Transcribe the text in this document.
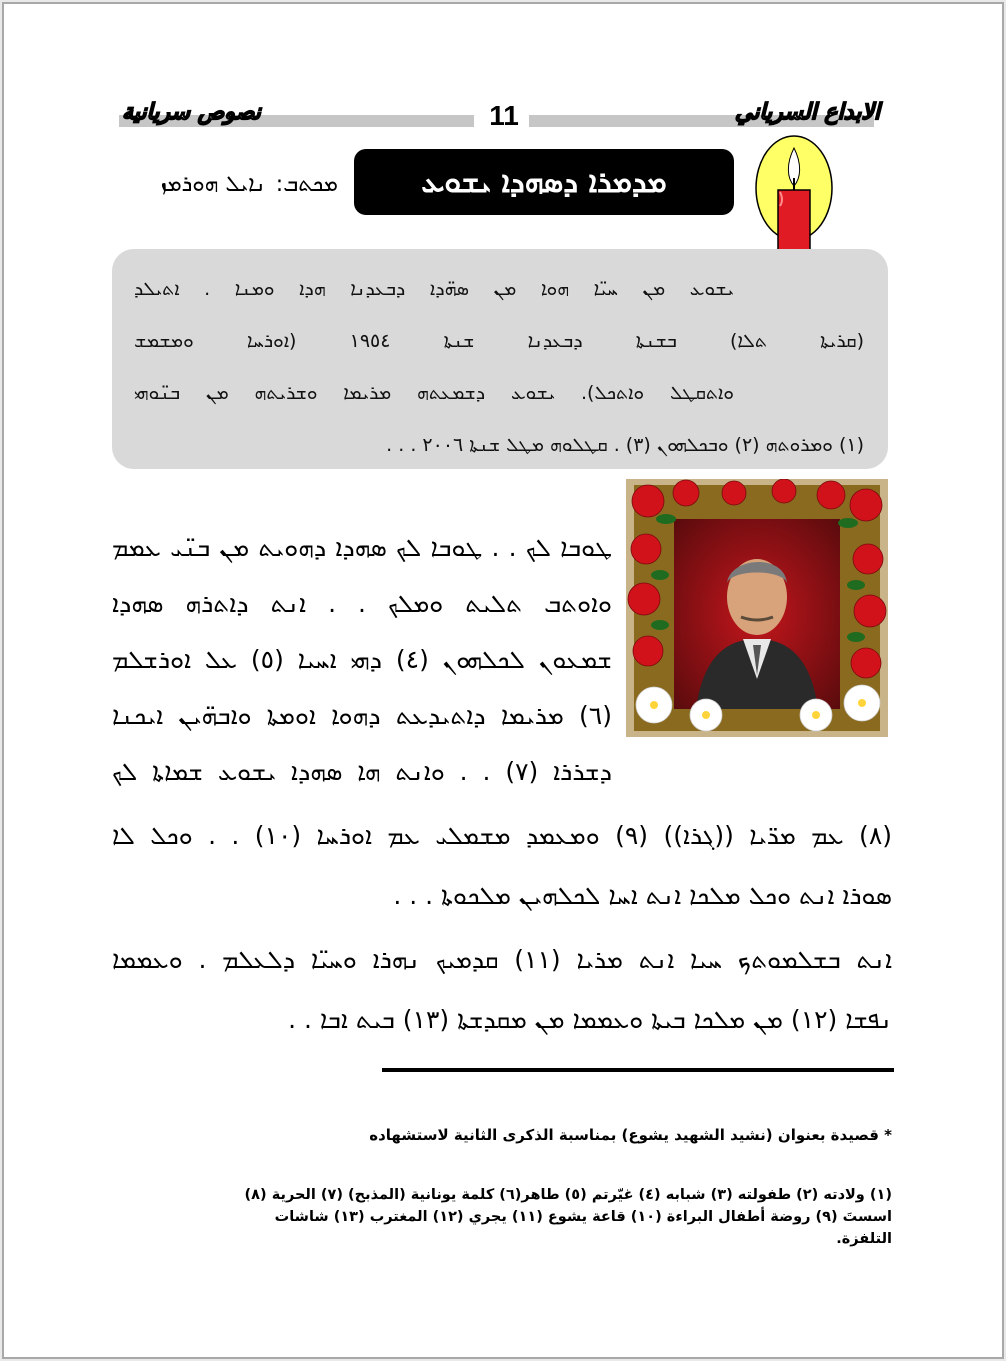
الابداع السرياني
نصوص سريانية	11
ܡܕܡܪܐ ܕܣܗܕܐ ܝܫܘܥ
ܡܟܬܒ:ܢܐܝܠ ܗܘܪܡܙ
ܝܫܘܥ ܡܢ ܚܝ̈ܐ ܗܘܐ ܡܢ ܣܗ̈ܕܐ ܕܒܥܕܢܐ ܗܕܐ ܘܡܢܐ . ܐܬܝܠܕ
(ܩܪܝܬܐ ܬܠܐ) ܒܫܢܬܐ ܕܒܥܕܢܐ ܫܢܬܐ ١٩٥٤ (ܐܘܪܚܐ ܘܡܫܡܫ
ܘܐܬܩܛܠ ܘܐܬܟܠ). ܝܫܘܥ ܕܫܡܥܬܗ ܡܪܝܡܐ ܘܫܪܝܬܗ ܡܢ ܒܢ̈ܘܗܝ
(١) ܘܡܪܘܬܗ (٢) ܘܒܟܠܗܘܢ (٣) . ܩܛܠܘܗ ܡܛܠ ܫܢܬܐ ٢٠٠٦ . . .
ܛܘܒܐ ܠܟ . . ܛܘܒܐ ܠܟ ܣܗܕܐ ܕܗܘܝܬ ܡܢ ܒܢ̈ܝ ܥܡܡ
ܘܐܘܬܒ ܬܠܝܬ ܘܡܠܟ . . ܐܢܬ ܕܐܬܪܗ ܣܗܕܐ
ܫܡܥܘܢ ܠܟܠܗܘܢ (٤) ܕܗܝ ܐܚܝܐ (٥) ܥܠ ܐܘܪܫܠܡ
(٦) ܡܪܝܡܐ ܕܐܬܝܕܥܬ ܕܗܘܐ ܐܘܡܬܐ ܘܐܒܗ̈ܝܢ ܐܝܟܢܐ
ܕܫܪܪܐ (٧) . . ܘܐܢܬ ܗܐ ܣܗܕܐ ܝܫܘܥ ܫܡܐܬܐ ܠܟ
(٨) ܥܡ ܡܪ̈ܝܐ ((ܓܪܐ)) (٩) ܘܡܥܡܕ ܡܫܡܠܝ ܥܡ ܐܘܪܚܐ (١٠) . . ܘܟܠ ܠܐ
ܣܘܪܐ ܐܢܬ ܘܟܠ ܡܠܟܐ ܐܢܬ ܐܚܐ ܠܟܠܗܝܢ ܡܠܟܘܬܐ . . .
ܐܢܬ ܒܫܠܡܘܬܟ ܚܝܐ ܐܢܬ ܡܪܝܐ (١١) ܩܕܡܝܟ ܢܗܪܐ ܘܚܝ̈ܐ ܕܠܥܠܡ . ܘܥܡܡܐ
ܢܦܫܐ (١٢) ܡܢ ܡܠܟܐ ܒܝܬܐ ܘܥܡܡܐ ܡܢ ܡܩܕܫܬܐ (١٣) ܒܝܬ ܐܒܐ . .
* قصيدة بعنوان (نشيد الشهيد يشوع) بمناسبة الذكرى الثانية لاستشهاده
(١) ولادته (٢) طفولته (٣) شبابه (٤) غيّرتم (٥) طاهر(٦) كلمة يونانية (المذبح) (٧) الحرية (٨)
اسستَ (٩) روضة أطفال البراءة (١٠) قاعة يشوع (١١) يجري (١٢) المغترب (١٣) شاشات
التلفزة.
